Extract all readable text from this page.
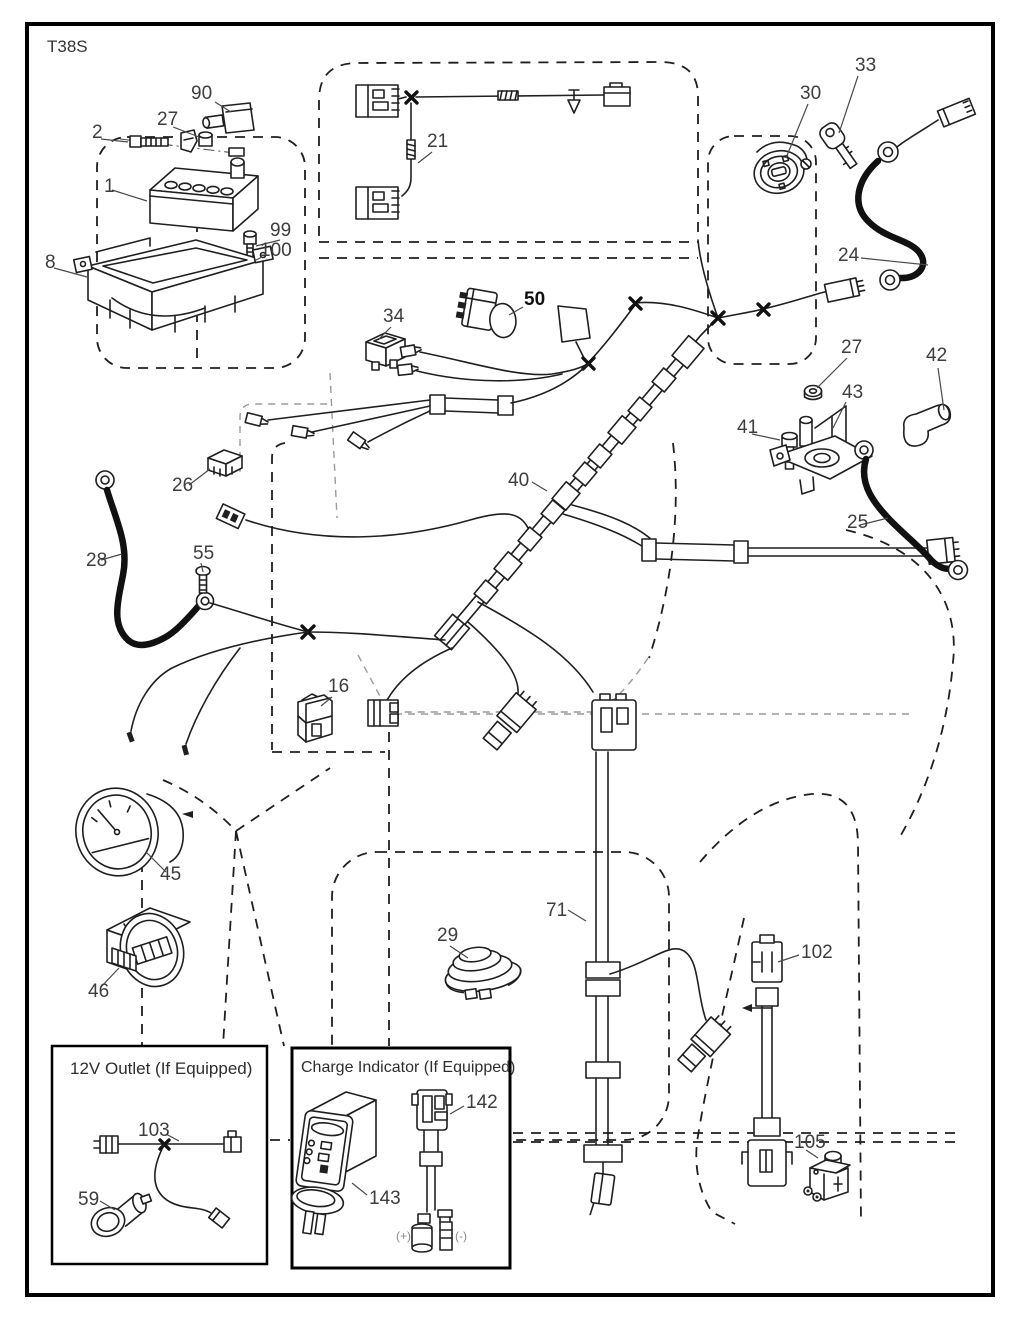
T38S
90
2
27
1
99
100
8
21
30
33
24
34
50
27	42
43
41
25
26	40
28	55
16
45
46
29
71
102
105
12V Outlet (If Equipped)
103
59
Charge Indicator (If Equipped)
(+)	(-)
142
143
